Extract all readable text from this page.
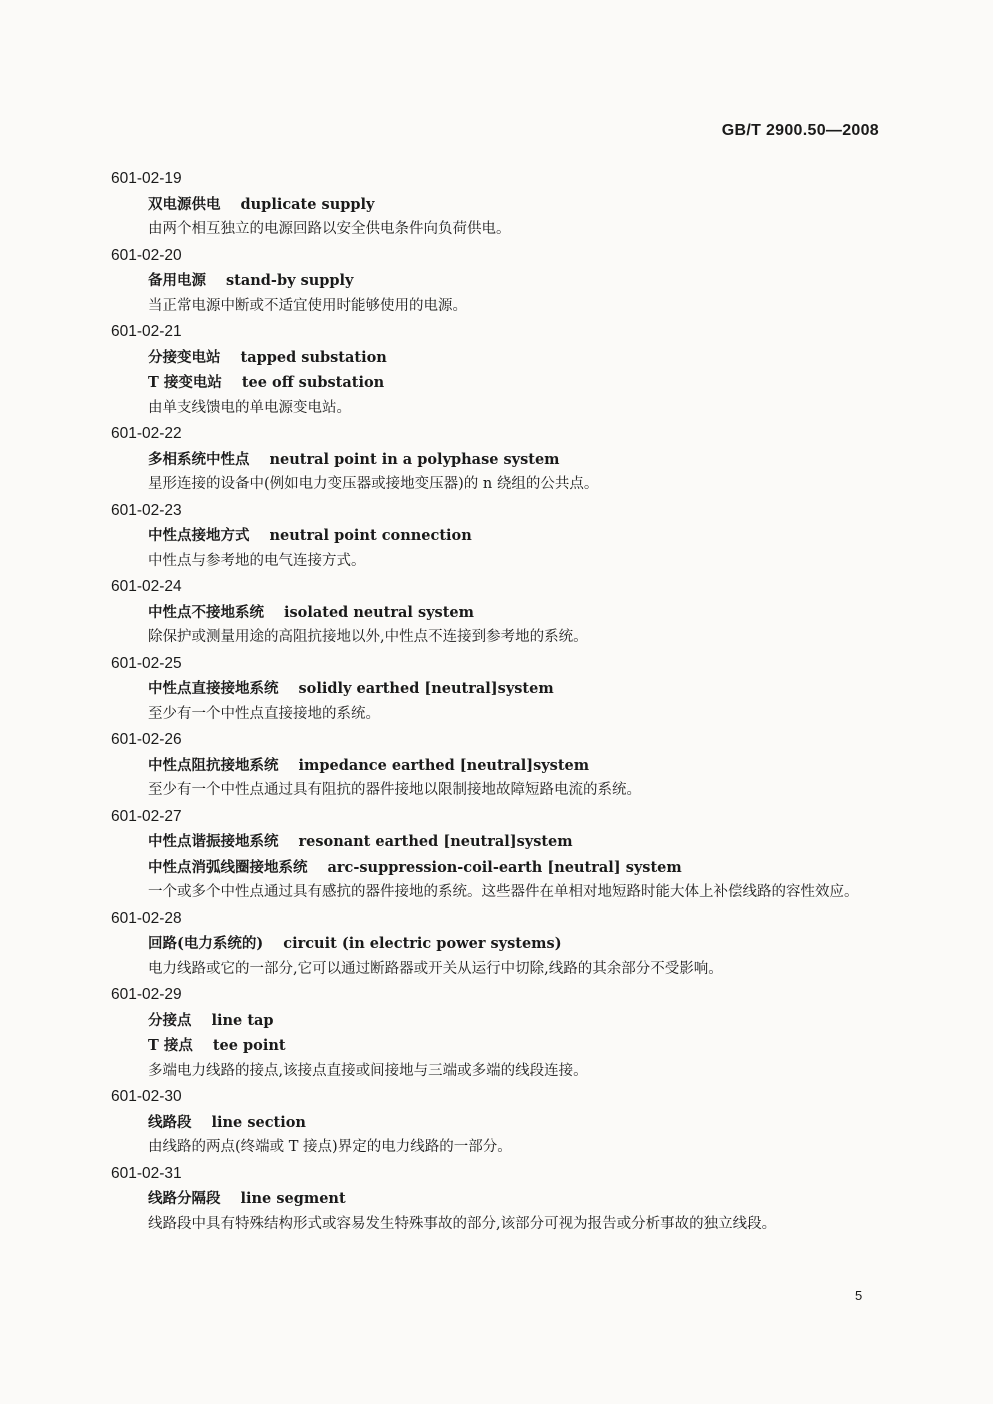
GB/T 2900.50—2008
601-02-19
双电源供电 duplicate supply
由两个相互独立的电源回路以安全供电条件向负荷供电。
601-02-20
备用电源 stand-by supply
当正常电源中断或不适宜使用时能够使用的电源。
601-02-21
分接变电站 tapped substation
T 接变电站 tee off substation
由单支线馈电的单电源变电站。
601-02-22
多相系统中性点 neutral point in a polyphase system
星形连接的设备中(例如电力变压器或接地变压器)的 n 绕组的公共点。
601-02-23
中性点接地方式 neutral point connection
中性点与参考地的电气连接方式。
601-02-24
中性点不接地系统 isolated neutral system
除保护或测量用途的高阻抗接地以外,中性点不连接到参考地的系统。
601-02-25
中性点直接接地系统 solidly earthed [neutral]system
至少有一个中性点直接接地的系统。
601-02-26
中性点阻抗接地系统 impedance earthed [neutral]system
至少有一个中性点通过具有阻抗的器件接地以限制接地故障短路电流的系统。
601-02-27
中性点谐振接地系统 resonant earthed [neutral]system
中性点消弧线圈接地系统 arc-suppression-coil-earth [neutral] system
一个或多个中性点通过具有感抗的器件接地的系统。这些器件在单相对地短路时能大体上补偿线路的容性效应。
601-02-28
回路(电力系统的) circuit (in electric power systems)
电力线路或它的一部分,它可以通过断路器或开关从运行中切除,线路的其余部分不受影响。
601-02-29
分接点 line tap
T 接点 tee point
多端电力线路的接点,该接点直接或间接地与三端或多端的线段连接。
601-02-30
线路段 line section
由线路的两点(终端或 T 接点)界定的电力线路的一部分。
601-02-31
线路分隔段 line segment
线路段中具有特殊结构形式或容易发生特殊事故的部分,该部分可视为报告或分析事故的独立线段。
5
